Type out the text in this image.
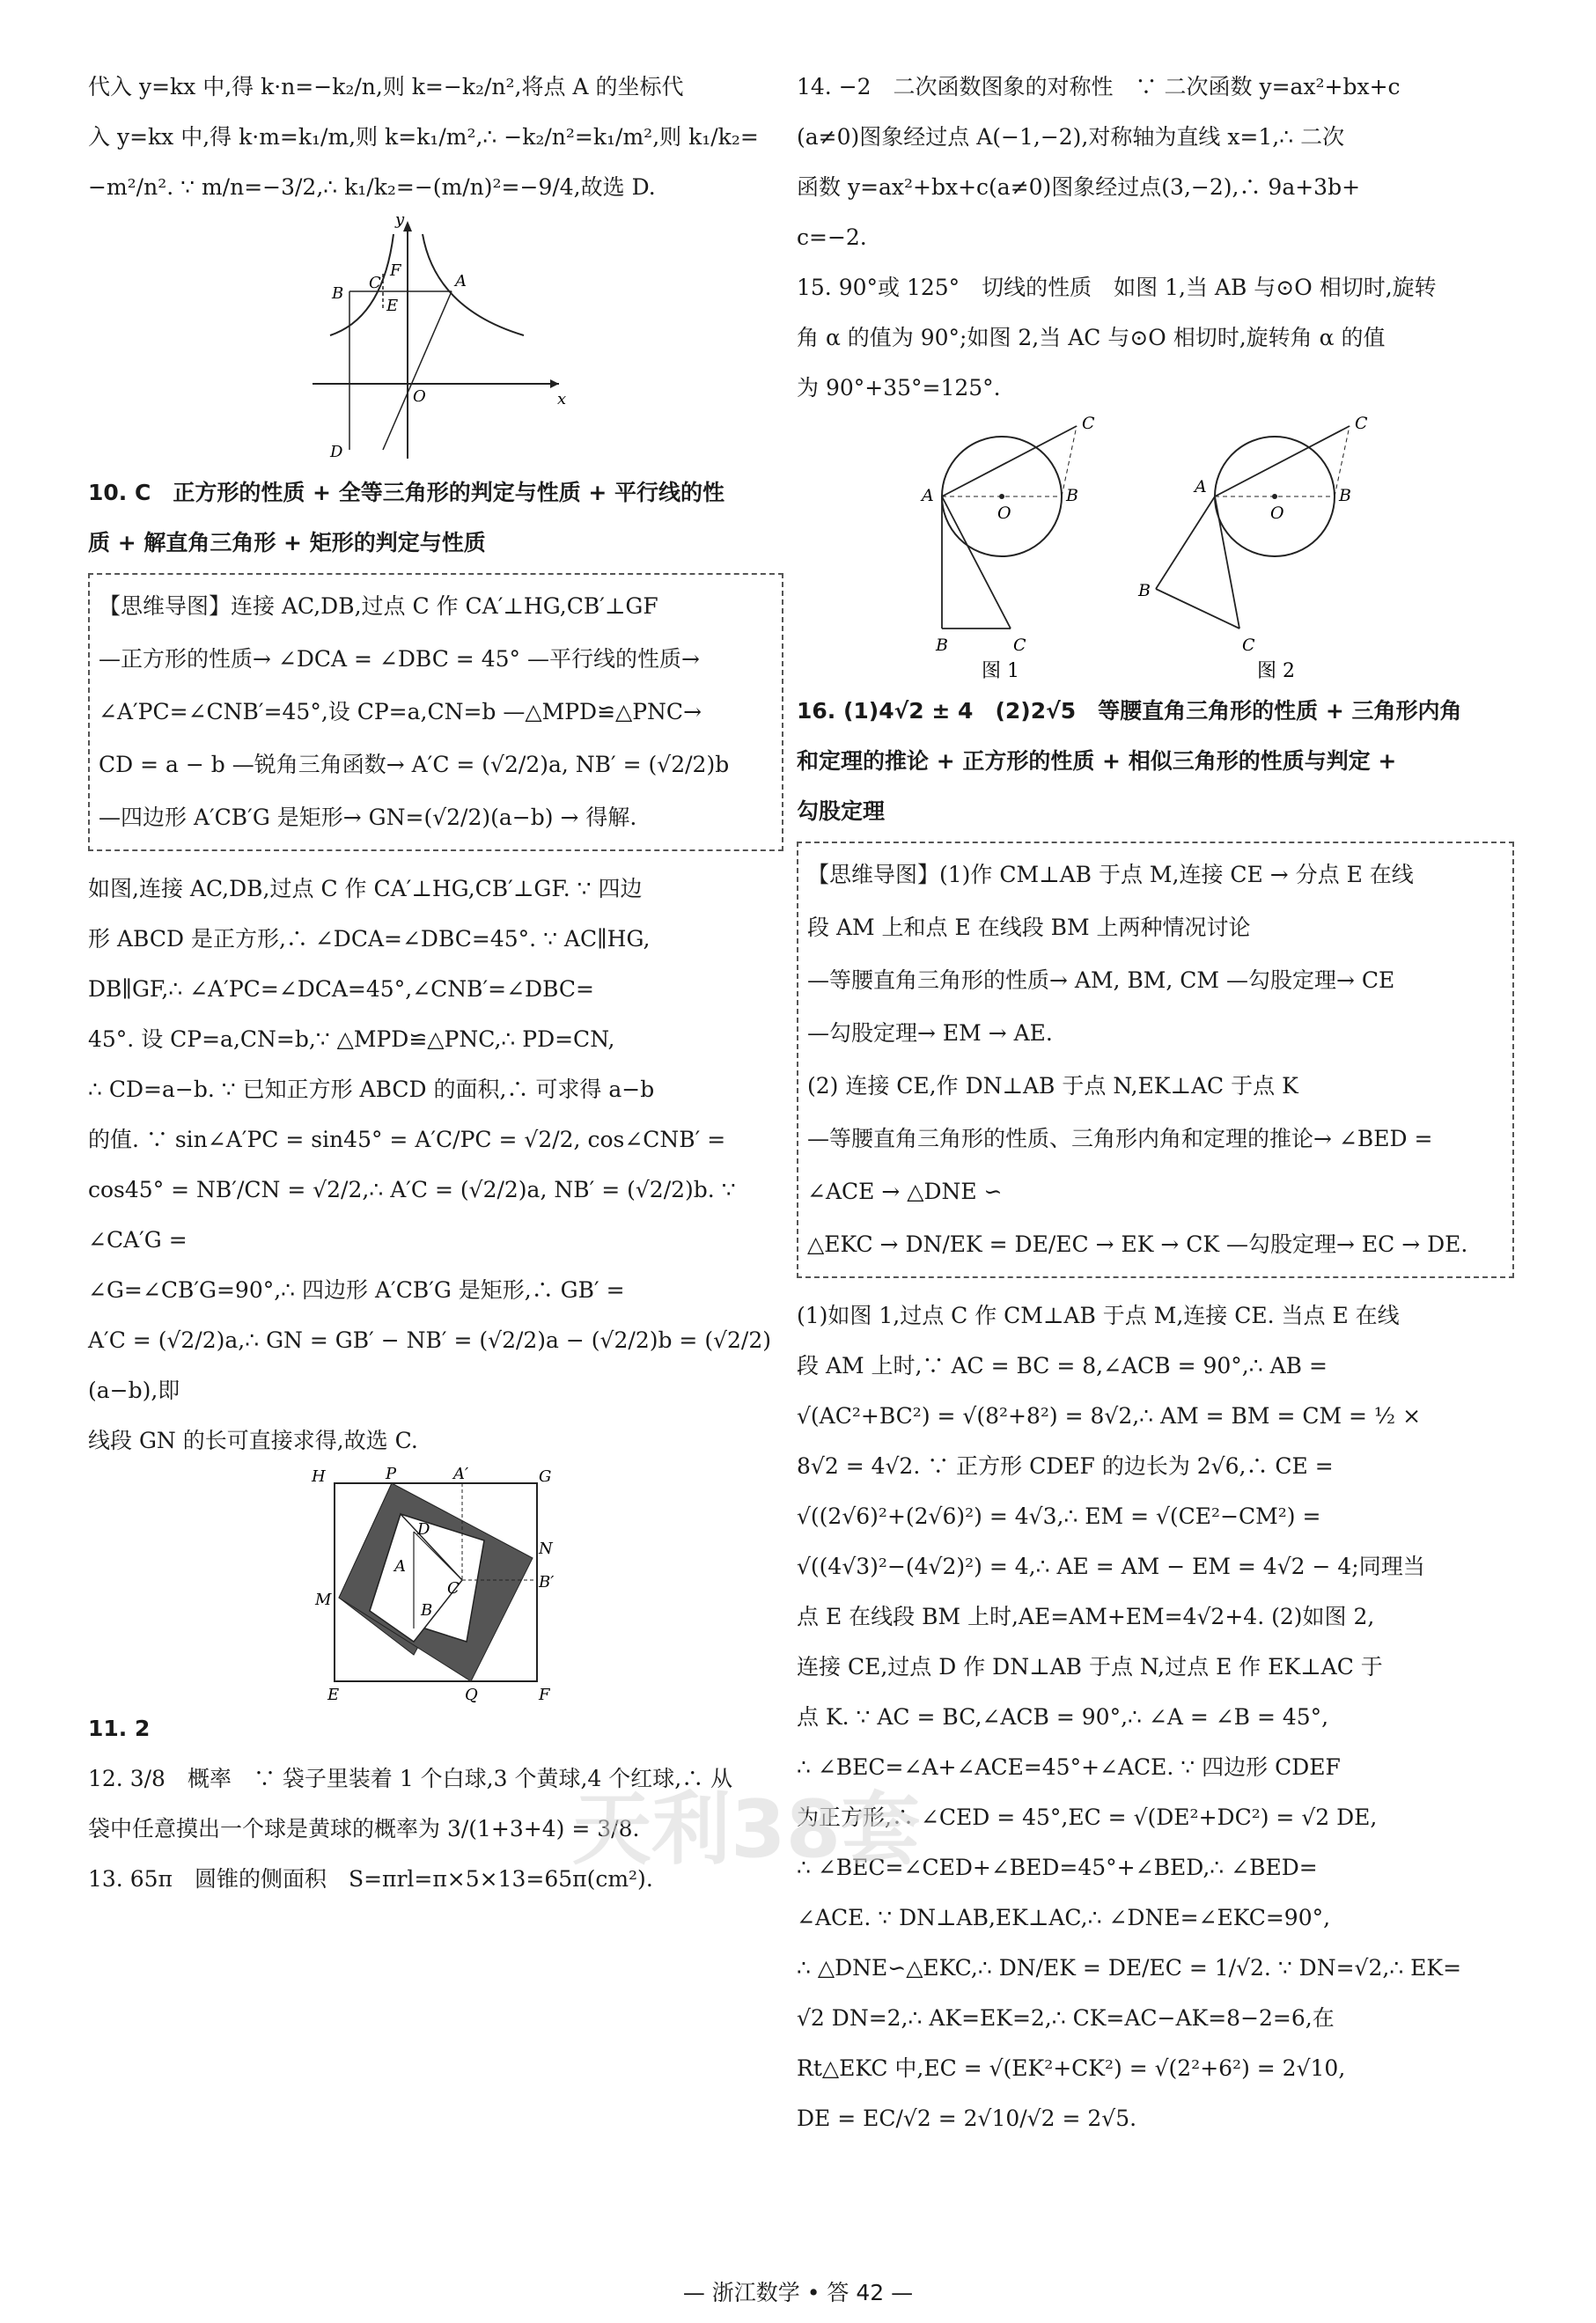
代入 y=kx 中,得 k·n=−k₂/n,则 k=−k₂/n²,将点 A 的坐标代

入 y=kx 中,得 k·m=k₁/m,则 k=k₁/m²,∴ −k₂/n²=k₁/m²,则 k₁/k₂=

−m²/n². ∵ m/n=−3/2,∴ k₁/k₂=−(m/n)²=−9/4,故选 D.

y
F
A
B
C
E
O	x
D

10. C　正方形的性质 + 全等三角形的判定与性质 + 平行线的性

质 + 解直角三角形 + 矩形的判定与性质

【思维导图】连接 AC,DB,过点 C 作 CA′⊥HG,CB′⊥GF

—正方形的性质→ ∠DCA = ∠DBC = 45° —平行线的性质→

∠A′PC=∠CNB′=45°,设 CP=a,CN=b —△MPD≌△PNC→

CD = a − b —锐角三角函数→ A′C = (√2/2)a, NB′ = (√2/2)b

—四边形 A′CB′G 是矩形→ GN=(√2/2)(a−b) → 得解.

如图,连接 AC,DB,过点 C 作 CA′⊥HG,CB′⊥GF. ∵ 四边

形 ABCD 是正方形,∴ ∠DCA=∠DBC=45°. ∵ AC∥HG,

DB∥GF,∴ ∠A′PC=∠DCA=45°,∠CNB′=∠DBC=

45°. 设 CP=a,CN=b,∵ △MPD≌△PNC,∴ PD=CN,

∴ CD=a−b. ∵ 已知正方形 ABCD 的面积,∴ 可求得 a−b

的值. ∵ sin∠A′PC = sin45° = A′C/PC = √2/2, cos∠CNB′ =

cos45° = NB′/CN = √2/2,∴ A′C = (√2/2)a, NB′ = (√2/2)b. ∵ ∠CA′G =

∠G=∠CB′G=90°,∴ 四边形 A′CB′G 是矩形,∴ GB′ =

A′C = (√2/2)a,∴ GN = GB′ − NB′ = (√2/2)a − (√2/2)b = (√2/2)(a−b),即

线段 GN 的长可直接求得,故选 C.

H	P	A′	G
D
N
A
C	B′
M
B
E	Q	F

11. 2

12. 3/8　概率　∵ 袋子里装着 1 个白球,3 个黄球,4 个红球,∴ 从

袋中任意摸出一个球是黄球的概率为 3/(1+3+4) = 3/8.

13. 65π　圆锥的侧面积　S=πrl=π×5×13=65π(cm²).

14. −2　二次函数图象的对称性　∵ 二次函数 y=ax²+bx+c

(a≠0)图象经过点 A(−1,−2),对称轴为直线 x=1,∴ 二次

函数 y=ax²+bx+c(a≠0)图象经过点(3,−2),∴ 9a+3b+

c=−2.

15. 90°或 125°　切线的性质　如图 1,当 AB 与⊙O 相切时,旋转

角 α 的值为 90°;如图 2,当 AC 与⊙O 相切时,旋转角 α 的值

为 90°+35°=125°.

C
A
O
B
B	C
图 1
C
A
O
B
B
C
图 2

16. (1)4√2 ± 4　(2)2√5　等腰直角三角形的性质 + 三角形内角

和定理的推论 + 正方形的性质 + 相似三角形的性质与判定 +

勾股定理

【思维导图】(1)作 CM⊥AB 于点 M,连接 CE → 分点 E 在线

段 AM 上和点 E 在线段 BM 上两种情况讨论

—等腰直角三角形的性质→ AM, BM, CM —勾股定理→ CE

—勾股定理→ EM → AE.

(2) 连接 CE,作 DN⊥AB 于点 N,EK⊥AC 于点 K

—等腰直角三角形的性质、三角形内角和定理的推论→ ∠BED = ∠ACE → △DNE ∽

△EKC → DN/EK = DE/EC → EK → CK —勾股定理→ EC → DE.

(1)如图 1,过点 C 作 CM⊥AB 于点 M,连接 CE. 当点 E 在线

段 AM 上时,∵ AC = BC = 8,∠ACB = 90°,∴ AB =

√(AC²+BC²) = √(8²+8²) = 8√2,∴ AM = BM = CM = ½ ×

8√2 = 4√2. ∵ 正方形 CDEF 的边长为 2√6,∴ CE =

√((2√6)²+(2√6)²) = 4√3,∴ EM = √(CE²−CM²) =

√((4√3)²−(4√2)²) = 4,∴ AE = AM − EM = 4√2 − 4;同理当

点 E 在线段 BM 上时,AE=AM+EM=4√2+4. (2)如图 2,

连接 CE,过点 D 作 DN⊥AB 于点 N,过点 E 作 EK⊥AC 于

点 K. ∵ AC = BC,∠ACB = 90°,∴ ∠A = ∠B = 45°,

∴ ∠BEC=∠A+∠ACE=45°+∠ACE. ∵ 四边形 CDEF

为正方形,∴ ∠CED = 45°,EC = √(DE²+DC²) = √2 DE,

∴ ∠BEC=∠CED+∠BED=45°+∠BED,∴ ∠BED=

∠ACE. ∵ DN⊥AB,EK⊥AC,∴ ∠DNE=∠EKC=90°,

∴ △DNE∽△EKC,∴ DN/EK = DE/EC = 1/√2. ∵ DN=√2,∴ EK=

√2 DN=2,∴ AK=EK=2,∴ CK=AC−AK=8−2=6,在

Rt△EKC 中,EC = √(EK²+CK²) = √(2²+6²) = 2√10,

DE = EC/√2 = 2√10/√2 = 2√5.

天利38套
— 浙江数学 • 答 42 —
